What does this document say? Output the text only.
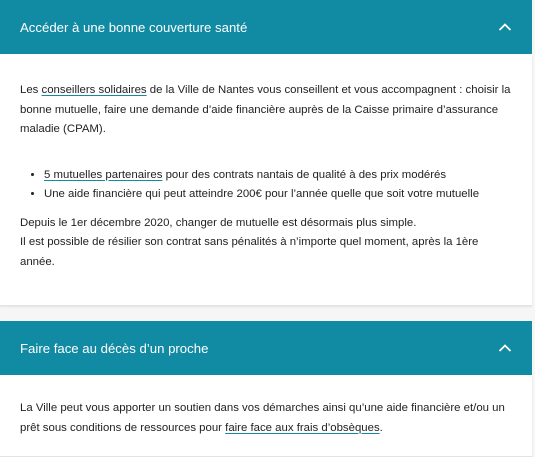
Accéder à une bonne couverture santé

Les conseillers solidaires de la Ville de Nantes vous conseillent et vous accompagnent : choisir la bonne mutuelle, faire une demande d’aide financière auprès de la Caisse primaire d’assurance maladie (CPAM).

• 5 mutuelles partenaires pour des contrats nantais de qualité à des prix modérés
• Une aide financière qui peut atteindre 200€ pour l’année quelle que soit votre mutuelle

Depuis le 1er décembre 2020, changer de mutuelle est désormais plus simple.

Il est possible de résilier son contrat sans pénalités à n’importe quel moment, après la 1ère année.

Faire face au décès d’un proche

La Ville peut vous apporter un soutien dans vos démarches ainsi qu’une aide financière et/ou un prêt sous conditions de ressources pour faire face aux frais d’obsèques.
